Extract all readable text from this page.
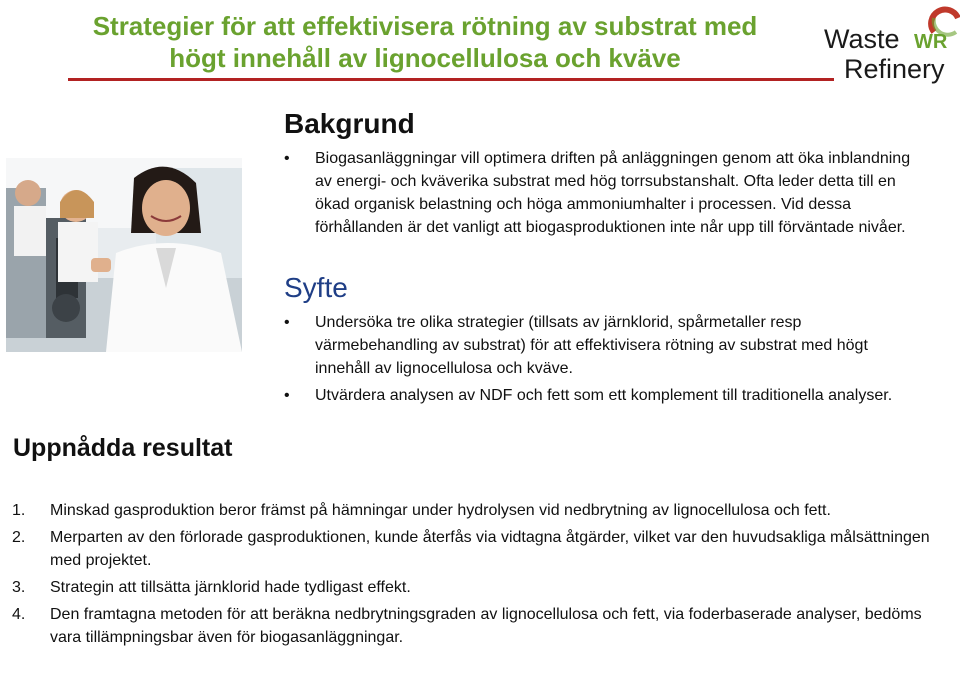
Strategier för att effektivisera rötning av substrat med
högt innehåll av lignocellulosa och kväve
Waste
Refinery
WR
Uppnådda resultat
Bakgrund
• Biogasanläggningar vill optimera driften på anläggningen genom att öka inblandning av energi- och kväverika substrat med hög torrsubstanshalt. Ofta leder detta till en ökad organisk belastning och höga ammoniumhalter i processen. Vid dessa förhållanden är det vanligt att biogasproduktionen inte når upp till förväntade nivåer.
Syfte
• Undersöka tre olika strategier (tillsats av järnklorid, spårmetaller resp värmebehandling av substrat) för att effektivisera rötning av substrat med högt innehåll av lignocellulosa och kväve.
• Utvärdera analysen av NDF och fett som ett komplement till traditionella analyser.
1. Minskad gasproduktion beror främst på hämningar under hydrolysen vid nedbrytning av lignocellulosa och fett.
2. Merparten av den förlorade gasproduktionen, kunde återfås via vidtagna åtgärder, vilket var den huvudsakliga målsättningen med projektet.
3. Strategin att tillsätta järnklorid hade tydligast effekt.
4. Den framtagna metoden för att beräkna nedbrytningsgraden av lignocellulosa och fett, via foderbaserade analyser, bedöms vara tillämpningsbar även för biogasanläggningar.
